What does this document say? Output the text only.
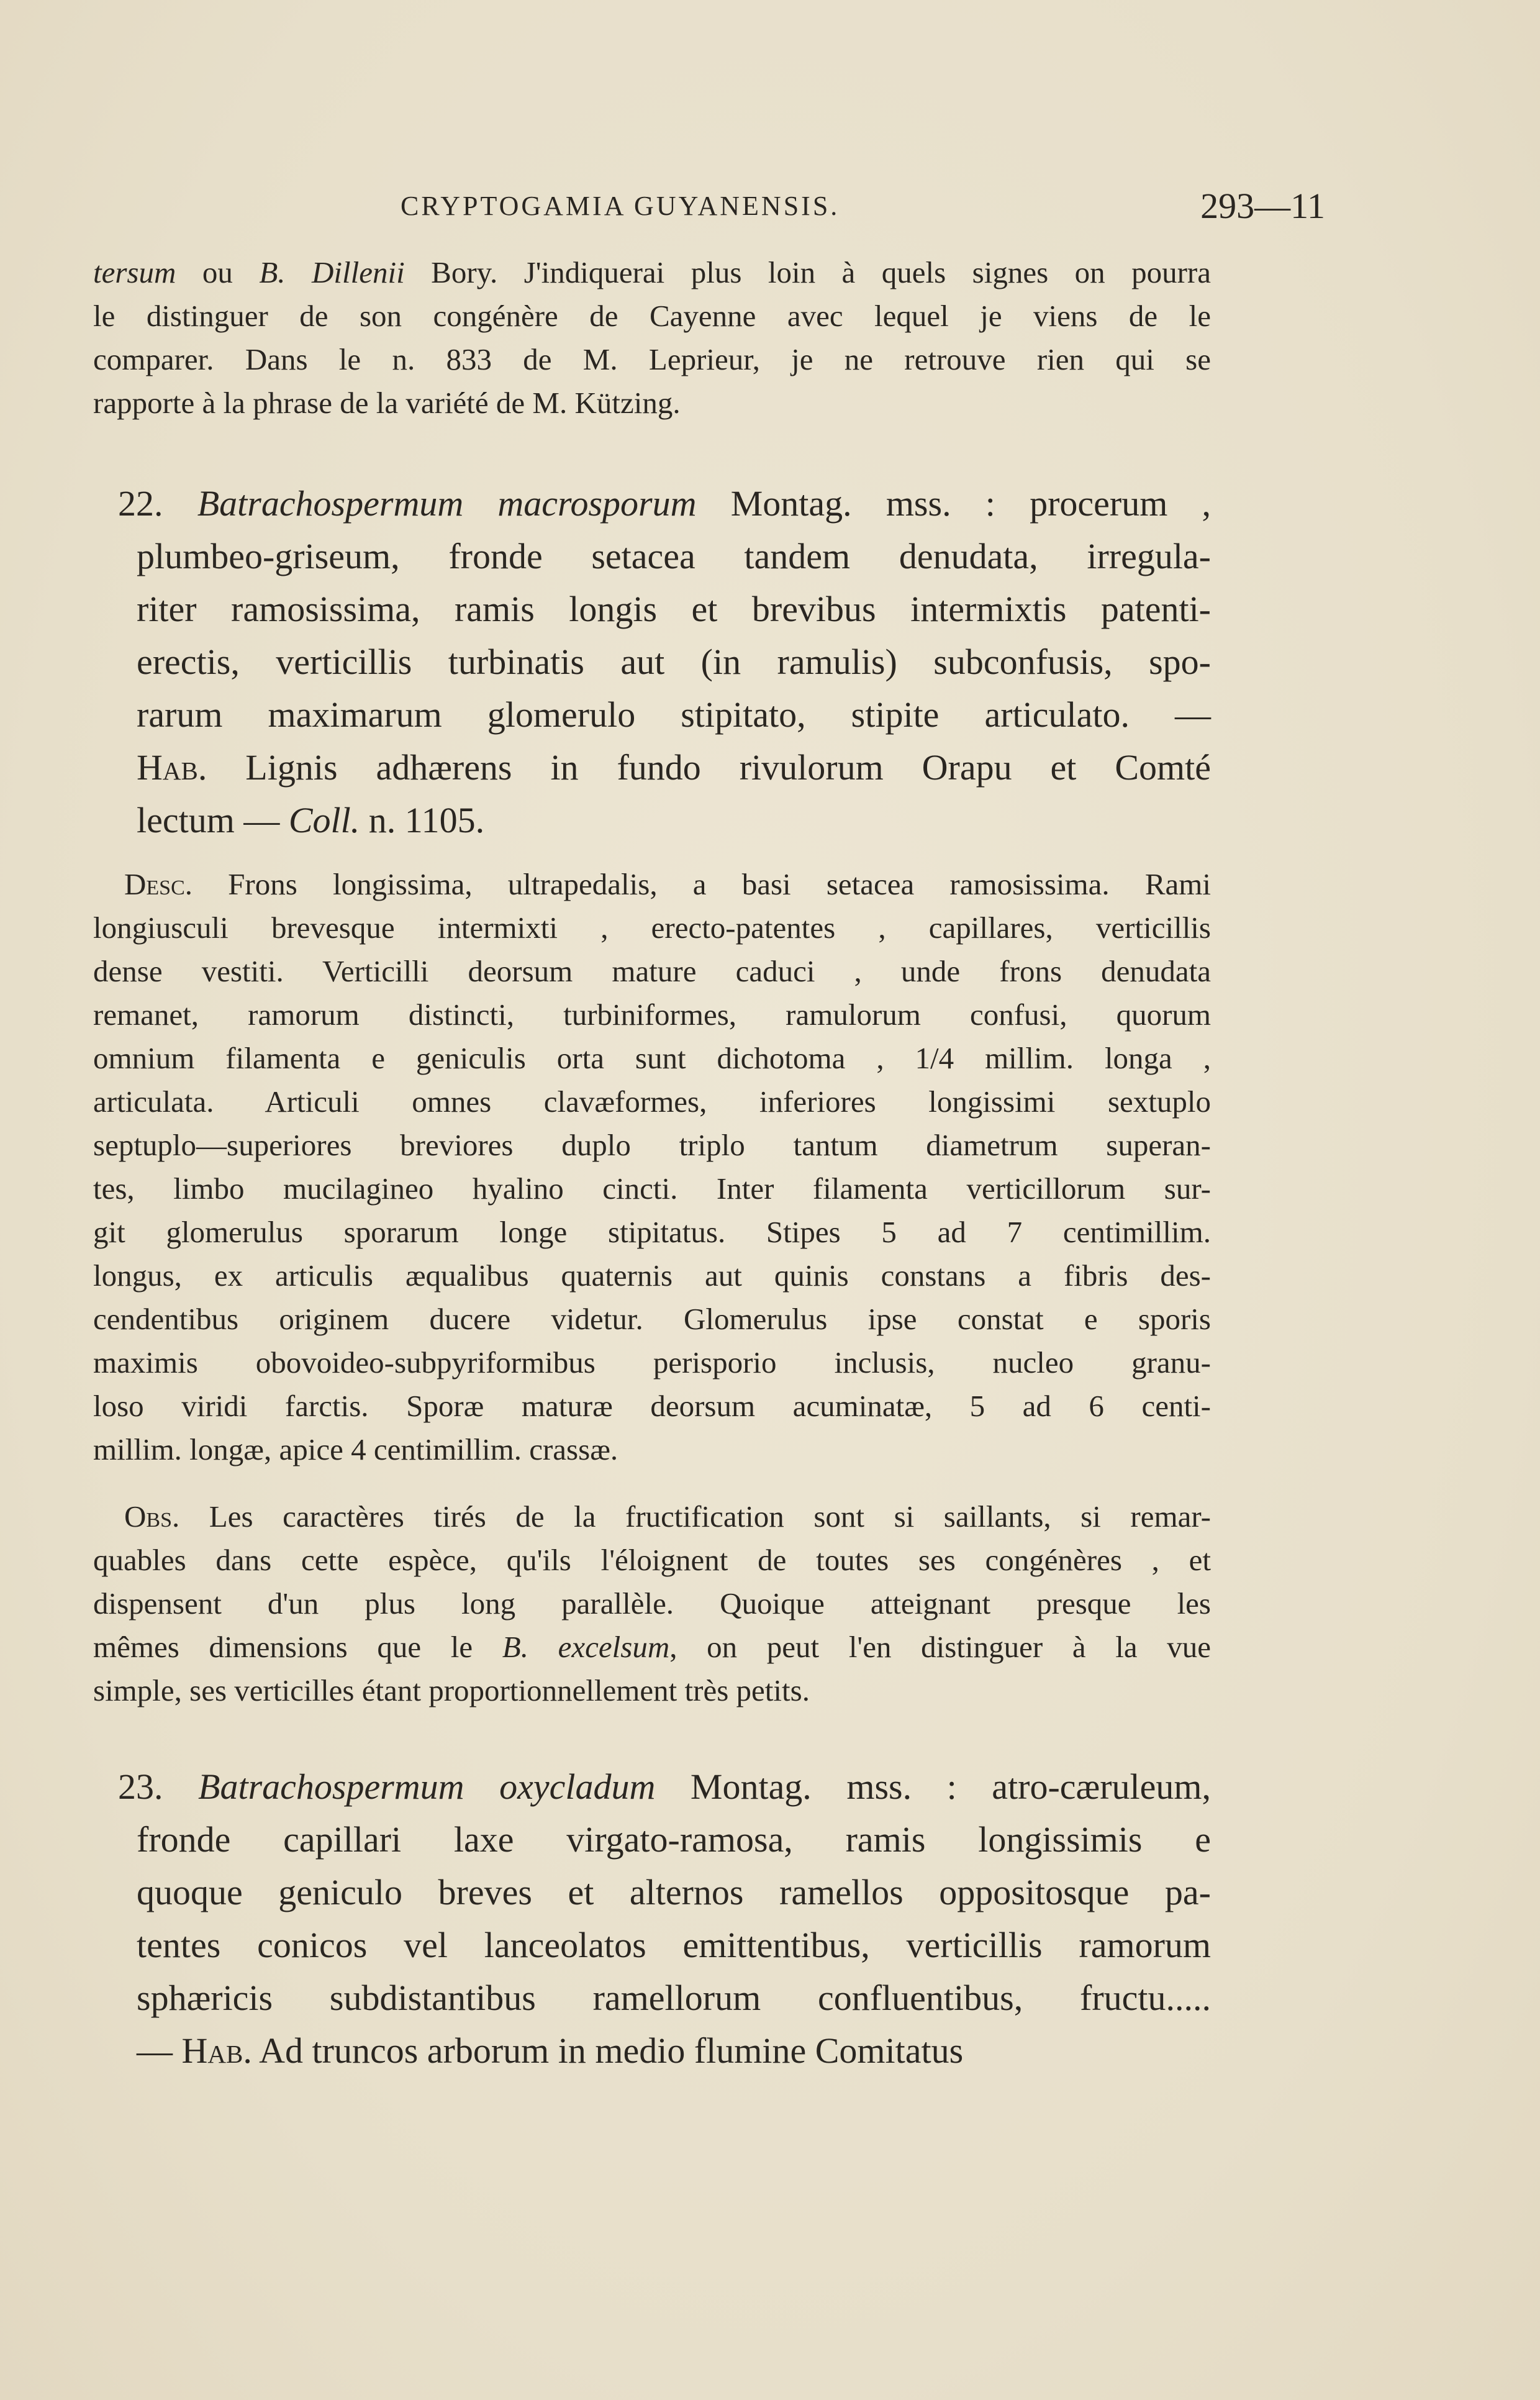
CRYPTOGAMIA GUYANENSIS.	293—11
tersum ou B. Dillenii Bory. J'indiquerai plus loin à quels signes on pourra
le distinguer de son congénère de Cayenne avec lequel je viens de le
comparer. Dans le n. 833 de M. Leprieur, je ne retrouve rien qui se
rapporte à la phrase de la variété de M. Kützing.
22. Batrachospermum macrosporum Montag. mss. : procerum ,
plumbeo-griseum, fronde setacea tandem denudata, irregula-
riter ramosissima, ramis longis et brevibus intermixtis patenti-
erectis, verticillis turbinatis aut (in ramulis) subconfusis, spo-
rarum maximarum glomerulo stipitato, stipite articulato. —
Hab. Lignis adhærens in fundo rivulorum Orapu et Comté
lectum — Coll. n. 1105.
Desc. Frons longissima, ultrapedalis, a basi setacea ramosissima. Rami
longiusculi brevesque intermixti , erecto-patentes , capillares, verticillis
dense vestiti. Verticilli deorsum mature caduci , unde frons denudata
remanet, ramorum distincti, turbiniformes, ramulorum confusi, quorum
omnium filamenta e geniculis orta sunt dichotoma , 1/4 millim. longa ,
articulata. Articuli omnes clavæformes, inferiores longissimi sextuplo
septuplo—superiores breviores duplo triplo tantum diametrum superan-
tes, limbo mucilagineo hyalino cincti. Inter filamenta verticillorum sur-
git glomerulus sporarum longe stipitatus. Stipes 5 ad 7 centimillim.
longus, ex articulis æqualibus quaternis aut quinis constans a fibris des-
cendentibus originem ducere videtur. Glomerulus ipse constat e sporis
maximis obovoideo-subpyriformibus perisporio inclusis, nucleo granu-
loso viridi farctis. Sporæ maturæ deorsum acuminatæ, 5 ad 6 centi-
millim. longæ, apice 4 centimillim. crassæ.
Obs. Les caractères tirés de la fructification sont si saillants, si remar-
quables dans cette espèce, qu'ils l'éloignent de toutes ses congénères , et
dispensent d'un plus long parallèle. Quoique atteignant presque les
mêmes dimensions que le B. excelsum, on peut l'en distinguer à la vue
simple, ses verticilles étant proportionnellement très petits.
23. Batrachospermum oxycladum Montag. mss. : atro-cæruleum,
fronde capillari laxe virgato-ramosa, ramis longissimis e
quoque geniculo breves et alternos ramellos oppositosque pa-
tentes conicos vel lanceolatos emittentibus, verticillis ramorum
sphæricis subdistantibus ramellorum confluentibus, fructu.....
— Hab. Ad truncos arborum in medio flumine Comitatus
